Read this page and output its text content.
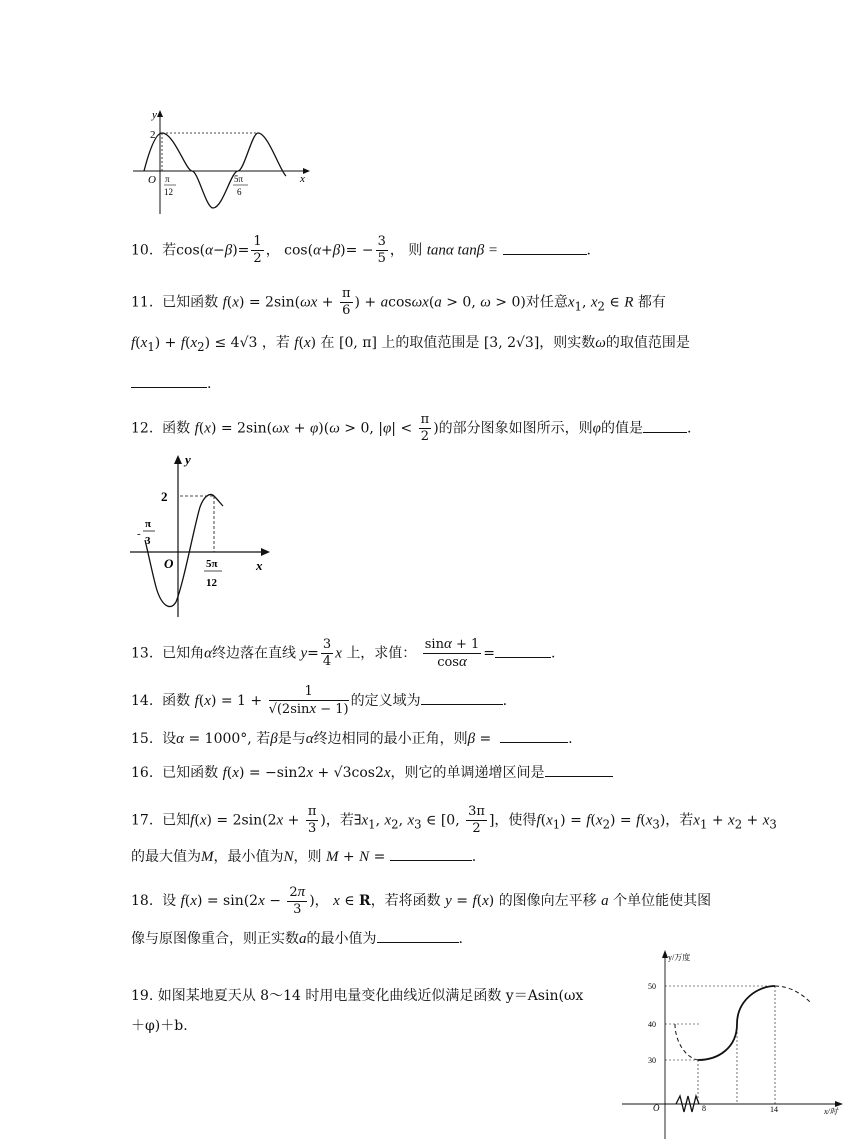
y
2
O	x
π
12
5π
6
10. 若$\cos(\alpha-\beta)= \frac{1}{2}$ ， $\cos(\alpha+\beta)= - \frac{3}{5}$ ， 则 tanα tanβ =	.
11. 已知函数 $f(x) = 2\sin(\omega x + \frac{\pi}{6}$ ) + acosωx(a > 0, ω > 0)对任意$x_1$, $x_2$ ∈ R 都有
$f(x_1) + f(x_2) \le 4√3$ ，若 f(x) 在 [0, π] 上的取值范围是 [3, 2√3]，则实数ω的取值范围是
.
12. 函数 f(x) = 2sin(ωx + φ)(ω > 0, $|\varphi| < \frac{\pi}{2}$ )的部分图象如图所示，则φ的值是	.
y
2
O	x
-
π
3
5π
12
13. 已知角α终边落在直线 $y= \frac{3}{4}$ x 上，求值： $\frac{\sin\alpha + 1}{\cos\alpha}$ =	.
14. 函数 $f(x) = 1 + \frac{1}{√(2\sin x - 1)}$ 的定义域为	.
15. 设α = 1000°, 若β是与α终边相同的最小正角，则β =	.
16. 已知函数 f(x) = −sin2x + √3cos2x，则它的单调递增区间是
17. 已知$f(x) = 2\sin(2x + \frac{\pi}{3}$ )，若$\exists x_1$, $x_2$, $x_3$ ∈ [0, $\frac{3\pi}{2}$ ]，使得$f(x_1) = f(x_2) = f(x_3)$，若$x_1 + x_2 + x_3$
的最大值为M，最小值为N，则 M + N =	.
18. 设 $f(x) = \sin(2x - \frac{2\pi}{3}$ )， x ∈ R，若将函数 y = f(x) 的图像向左平移 a 个单位能使其图
像与原图像重合，则正实数a的最小值为	.
19. 如图某地夏天从 8～14 时用电量变化曲线近似满足函数 y＝Asin(ωx
＋φ)＋b.
y/万度
50
40
30
O	8	14	x/时
